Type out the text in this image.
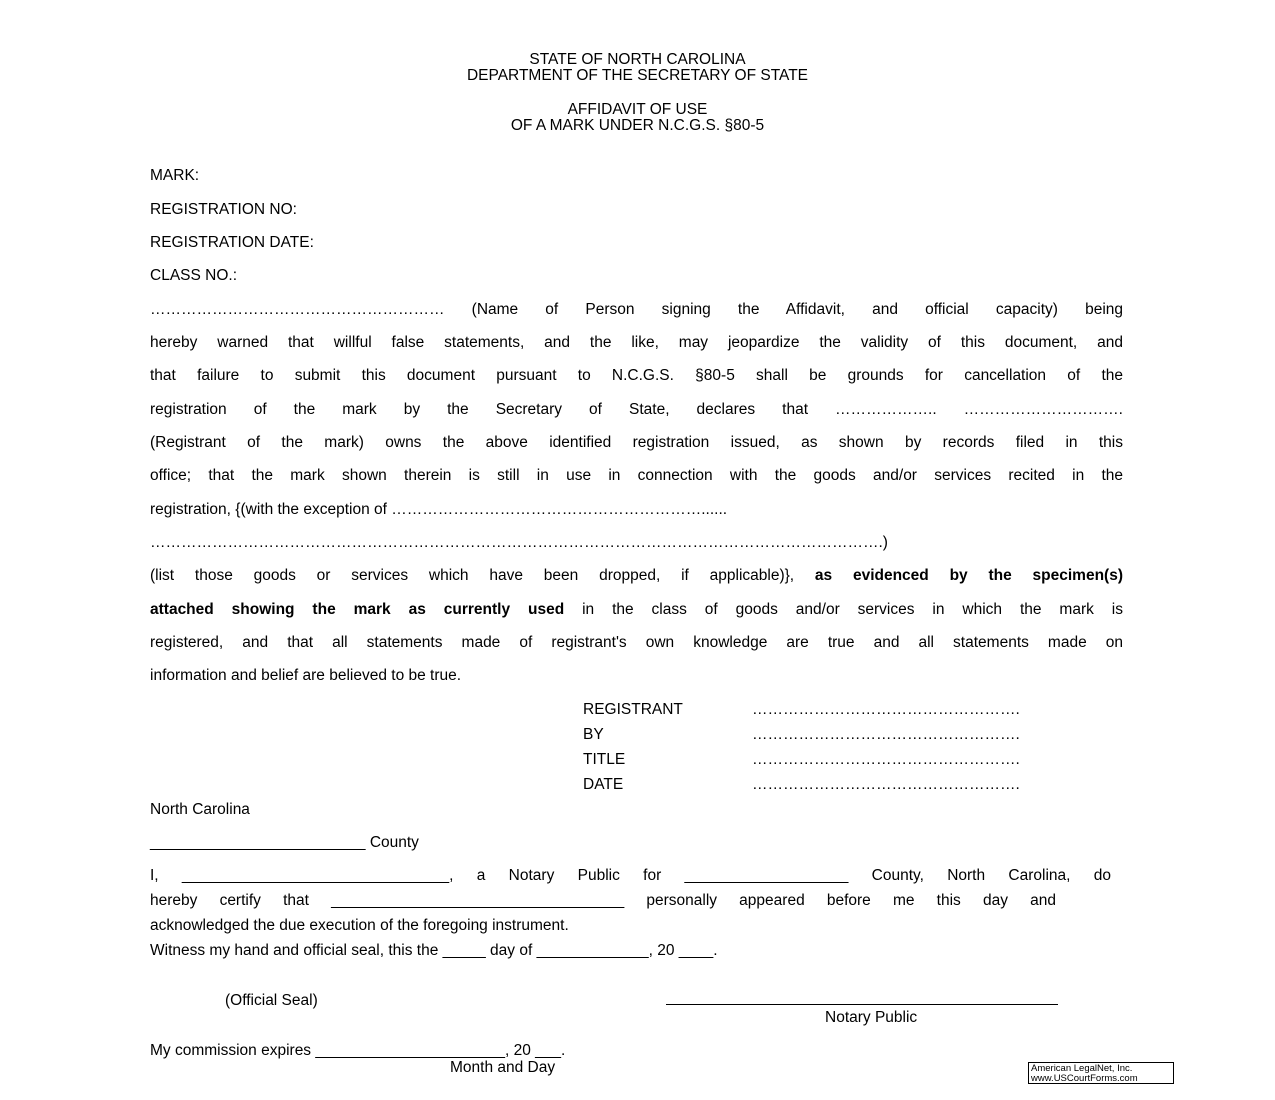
STATE OF NORTH CAROLINA
DEPARTMENT OF THE SECRETARY OF STATE
AFFIDAVIT OF USE
OF A MARK UNDER N.C.G.S. §80-5
MARK:
REGISTRATION NO:
REGISTRATION DATE:
CLASS NO.:
………………………………………………… (Name of Person signing the Affidavit, and official capacity) being
hereby warned that willful false statements, and the like, may jeopardize the validity of this document, and
that failure to submit this document pursuant to N.C.G.S. §80-5 shall be grounds for cancellation of the
registration of the mark by the Secretary of State, declares that ……………….. ………………………….
(Registrant of the mark) owns the above identified registration issued, as shown by records filed in this
office; that the mark shown therein is still in use in connection with the goods and/or services recited in the
registration, {(with the exception of ……………………………………………………......
…………………………………………………………………………………………………………………………….)
(list those goods or services which have been dropped, if applicable)}, as evidenced by the specimen(s)
attached showing the mark as currently used in the class of goods and/or services in which the mark is
registered, and that all statements made of registrant's own knowledge are true and all statements made on
information and belief are believed to be true.
REGISTRANT	…………………………………………….
BY	…………………………………………….
TITLE	…………………………………………….
DATE	…………………………………………….
North Carolina
_________________________ County
I, _______________________________, a Notary Public for ___________________ County, North Carolina, do
hereby certify that __________________________________ personally appeared before me this day and
acknowledged the due execution of the foregoing instrument.
Witness my hand and official seal, this the _____ day of _____________, 20 ____.
(Official Seal)
Notary Public
My commission expires ______________________, 20 ___.
Month and Day	American LegalNet, Inc.
www.USCourtForms.com
